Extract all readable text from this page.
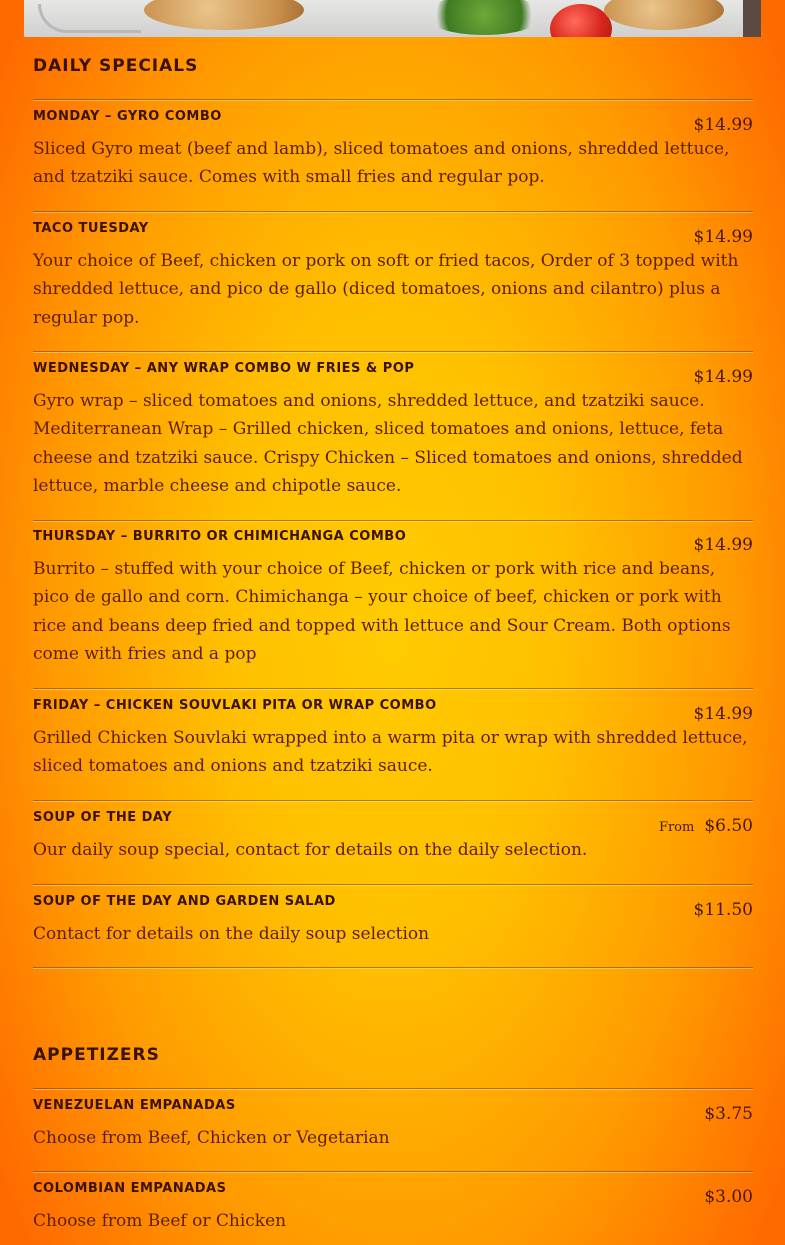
DAILY SPECIALS
MONDAY – GYRO COMBO	$14.99

Sliced Gyro meat (beef and lamb), sliced tomatoes and onions, shredded lettuce, and tzatziki sauce. Comes with small fries and regular pop.

TACO TUESDAY	$14.99

Your choice of Beef, chicken or pork on soft or fried tacos, Order of 3 topped with shredded lettuce, and pico de gallo (diced tomatoes, onions and cilantro) plus a regular pop.

WEDNESDAY – ANY WRAP COMBO W FRIES & POP	$14.99

Gyro wrap – sliced tomatoes and onions, shredded lettuce, and tzatziki sauce. Mediterranean Wrap – Grilled chicken, sliced tomatoes and onions, lettuce, feta cheese and tzatziki sauce. Crispy Chicken – Sliced tomatoes and onions, shredded lettuce, marble cheese and chipotle sauce.

THURSDAY – BURRITO OR CHIMICHANGA COMBO	$14.99

Burrito – stuffed with your choice of Beef, chicken or pork with rice and beans, pico de gallo and corn. Chimichanga – your choice of beef, chicken or pork with rice and beans deep fried and topped with lettuce and Sour Cream. Both options come with fries and a pop

FRIDAY – CHICKEN SOUVLAKI PITA OR WRAP COMBO	$14.99

Grilled Chicken Souvlaki wrapped into a warm pita or wrap with shredded lettuce, sliced tomatoes and onions and tzatziki sauce.

SOUP OF THE DAY
From $6.50

Our daily soup special, contact for details on the daily selection.

SOUP OF THE DAY AND GARDEN SALAD	$11.50

Contact for details on the daily soup selection

APPETIZERS
VENEZUELAN EMPANADAS	$3.75

Choose from Beef, Chicken or Vegetarian

COLOMBIAN EMPANADAS	$3.00

Choose from Beef or Chicken
